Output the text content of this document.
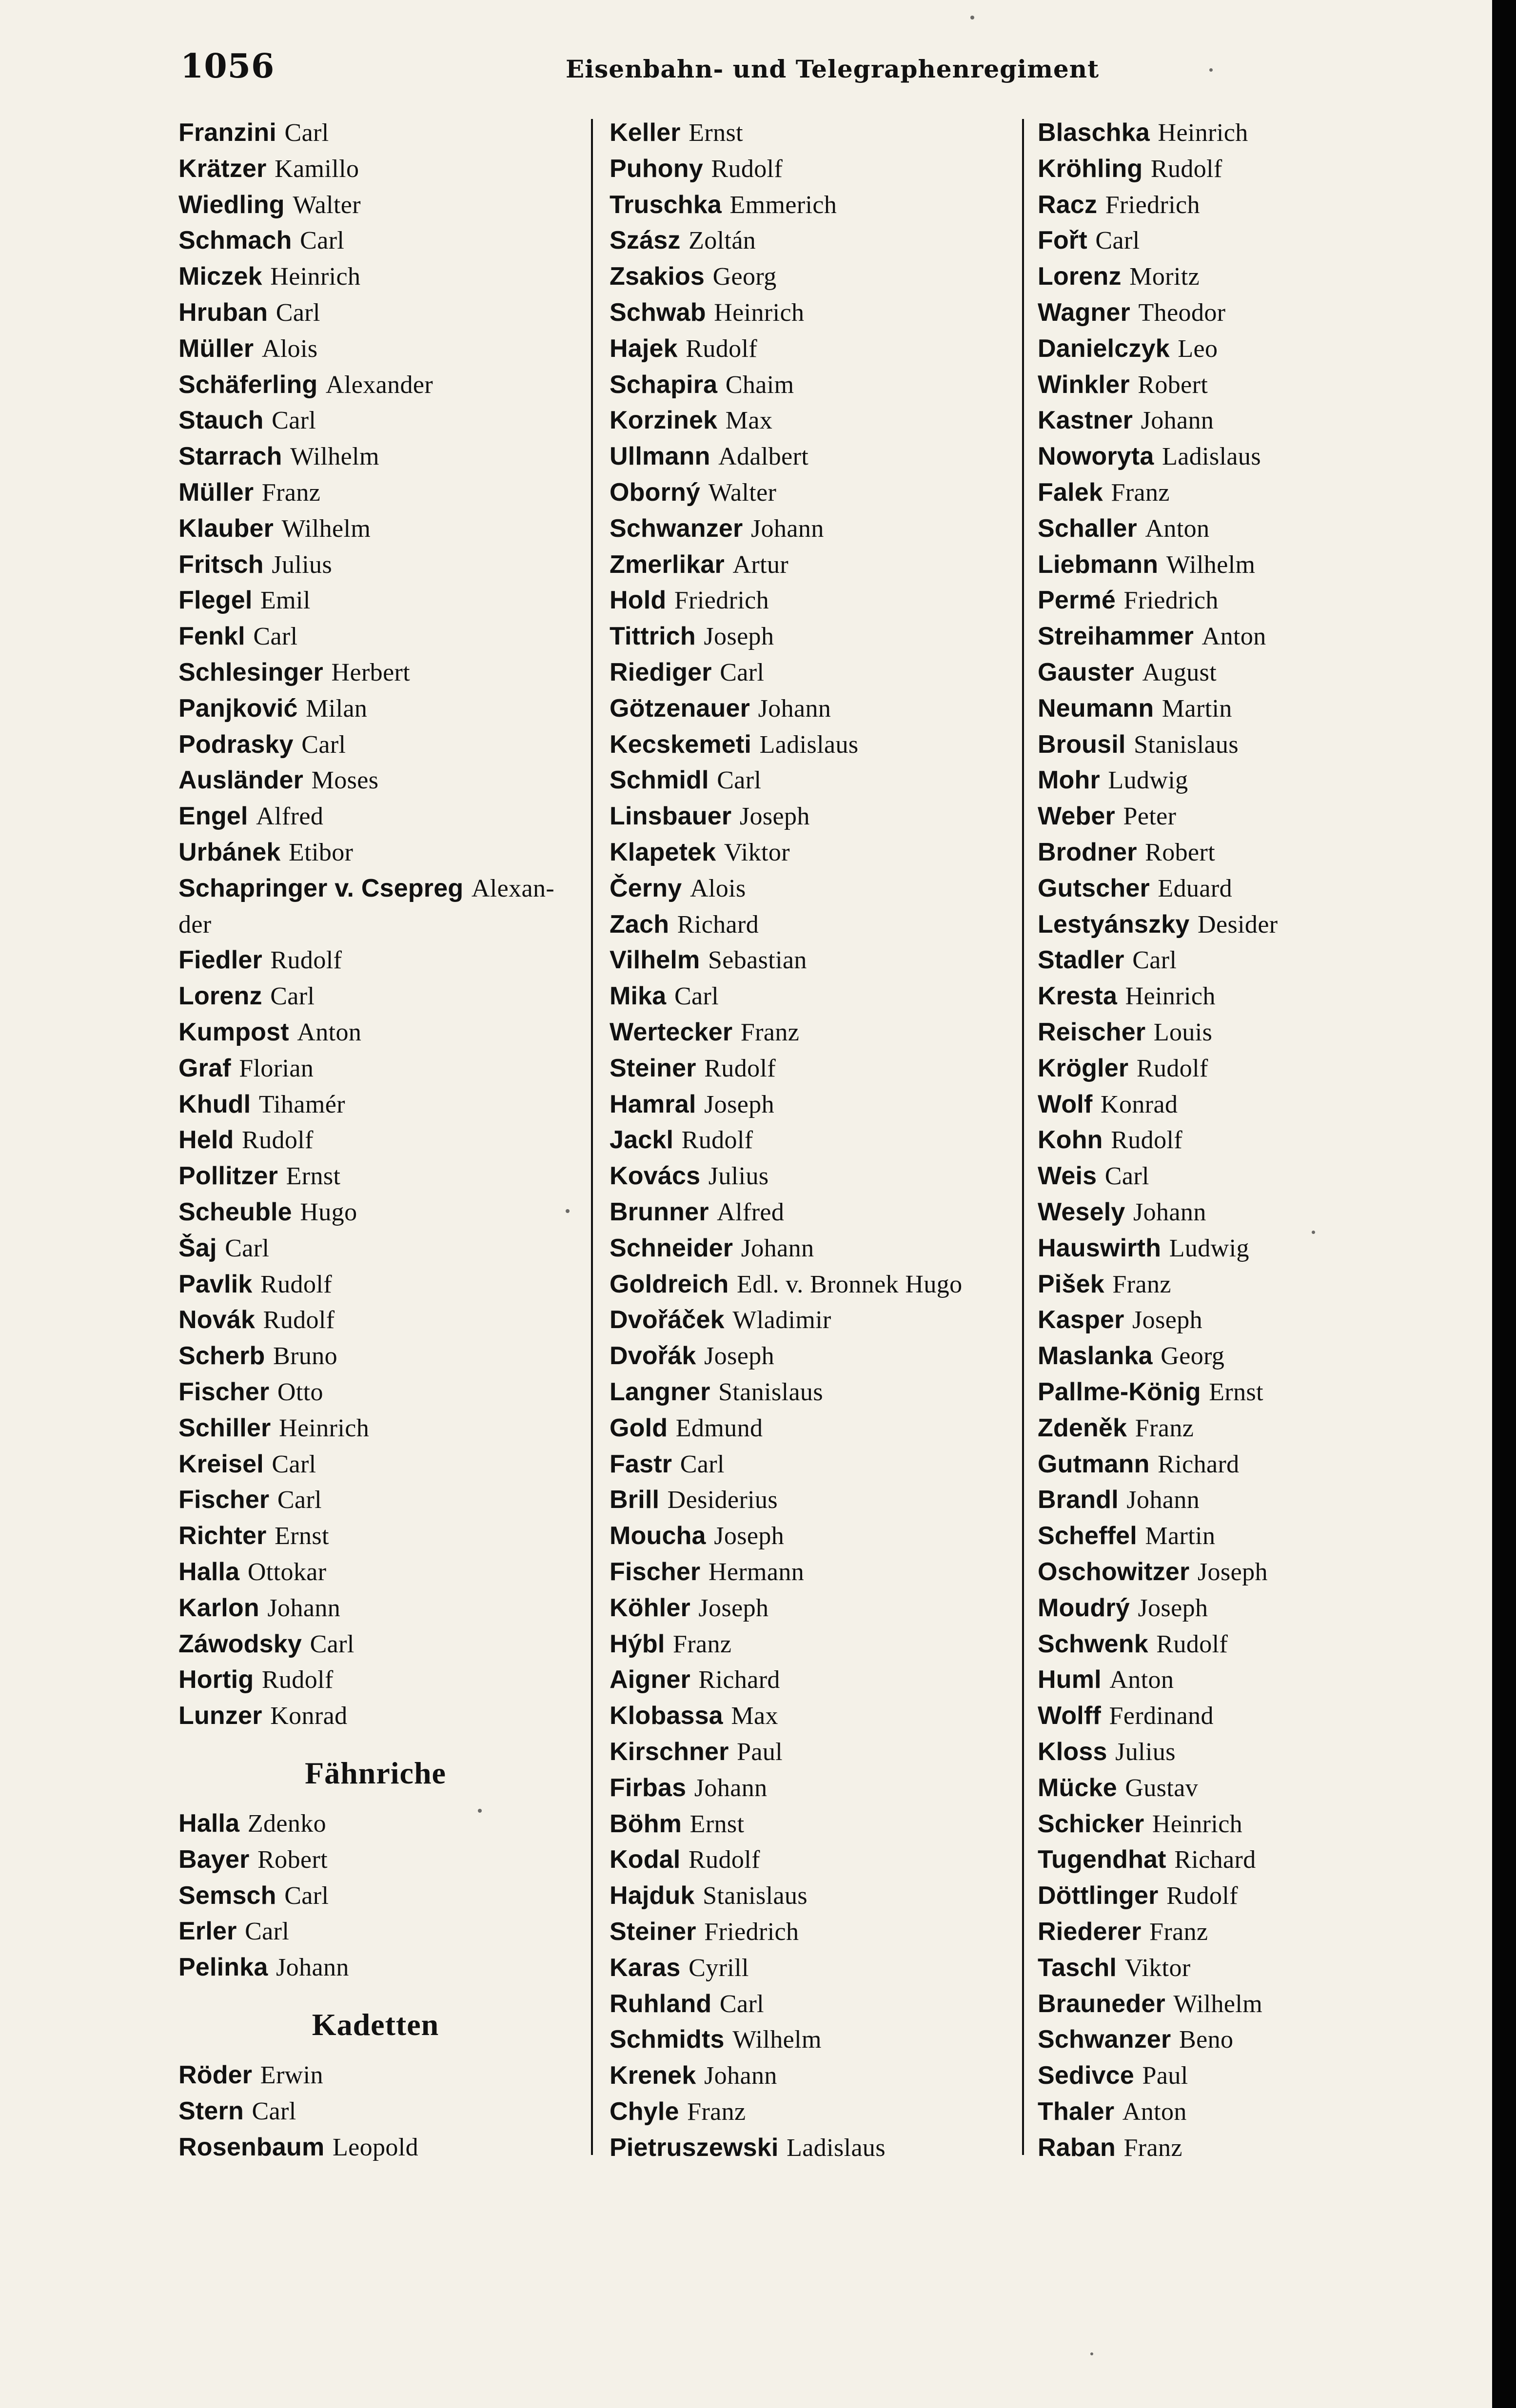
1056	Eisenbahn- und Telegraphenregiment
Franzini Carl
Krätzer Kamillo
Wiedling Walter
Schmach Carl
Miczek Heinrich
Hruban Carl
Müller Alois
Schäferling Alexander
Stauch Carl
Starrach Wilhelm
Müller Franz
Klauber Wilhelm
Fritsch Julius
Flegel Emil
Fenkl Carl
Schlesinger Herbert
Panjković Milan
Podrasky Carl
Ausländer Moses
Engel Alfred
Urbánek Etibor
Schapringer v. Csepreg Alexan-
der
Fiedler Rudolf
Lorenz Carl
Kumpost Anton
Graf Florian
Khudl Tihamér
Held Rudolf
Pollitzer Ernst
Scheuble Hugo
Šaj Carl
Pavlik Rudolf
Novák Rudolf
Scherb Bruno
Fischer Otto
Schiller Heinrich
Kreisel Carl
Fischer Carl
Richter Ernst
Halla Ottokar
Karlon Johann
Záwodsky Carl
Hortig Rudolf
Lunzer Konrad
Fähnriche
Halla Zdenko
Bayer Robert
Semsch Carl
Erler Carl
Pelinka Johann
Kadetten
Röder Erwin
Stern Carl
Rosenbaum Leopold
Keller Ernst
Puhony Rudolf
Truschka Emmerich
Szász Zoltán
Zsakios Georg
Schwab Heinrich
Hajek Rudolf
Schapira Chaim
Korzinek Max
Ullmann Adalbert
Oborný Walter
Schwanzer Johann
Zmerlikar Artur
Hold Friedrich
Tittrich Joseph
Riediger Carl
Götzenauer Johann
Kecskemeti Ladislaus
Schmidl Carl
Linsbauer Joseph
Klapetek Viktor
Černy Alois
Zach Richard
Vilhelm Sebastian
Mika Carl
Wertecker Franz
Steiner Rudolf
Hamral Joseph
Jackl Rudolf
Kovács Julius
Brunner Alfred
Schneider Johann
Goldreich Edl. v. Bronnek Hugo
Dvořáček Wladimir
Dvořák Joseph
Langner Stanislaus
Gold Edmund
Fastr Carl
Brill Desiderius
Moucha Joseph
Fischer Hermann
Köhler Joseph
Hýbl Franz
Aigner Richard
Klobassa Max
Kirschner Paul
Firbas Johann
Böhm Ernst
Kodal Rudolf
Hajduk Stanislaus
Steiner Friedrich
Karas Cyrill
Ruhland Carl
Schmidts Wilhelm
Krenek Johann
Chyle Franz
Pietruszewski Ladislaus
Blaschka Heinrich
Kröhling Rudolf
Racz Friedrich
Fořt Carl
Lorenz Moritz
Wagner Theodor
Danielczyk Leo
Winkler Robert
Kastner Johann
Noworyta Ladislaus
Falek Franz
Schaller Anton
Liebmann Wilhelm
Permé Friedrich
Streihammer Anton
Gauster August
Neumann Martin
Brousil Stanislaus
Mohr Ludwig
Weber Peter
Brodner Robert
Gutscher Eduard
Lestyánszky Desider
Stadler Carl
Kresta Heinrich
Reischer Louis
Krögler Rudolf
Wolf Konrad
Kohn Rudolf
Weis Carl
Wesely Johann
Hauswirth Ludwig
Pišek Franz
Kasper Joseph
Maslanka Georg
Pallme-König Ernst
Zdeněk Franz
Gutmann Richard
Brandl Johann
Scheffel Martin
Oschowitzer Joseph
Moudrý Joseph
Schwenk Rudolf
Huml Anton
Wolff Ferdinand
Kloss Julius
Mücke Gustav
Schicker Heinrich
Tugendhat Richard
Döttlinger Rudolf
Riederer Franz
Taschl Viktor
Brauneder Wilhelm
Schwanzer Beno
Sedivce Paul
Thaler Anton
Raban Franz
